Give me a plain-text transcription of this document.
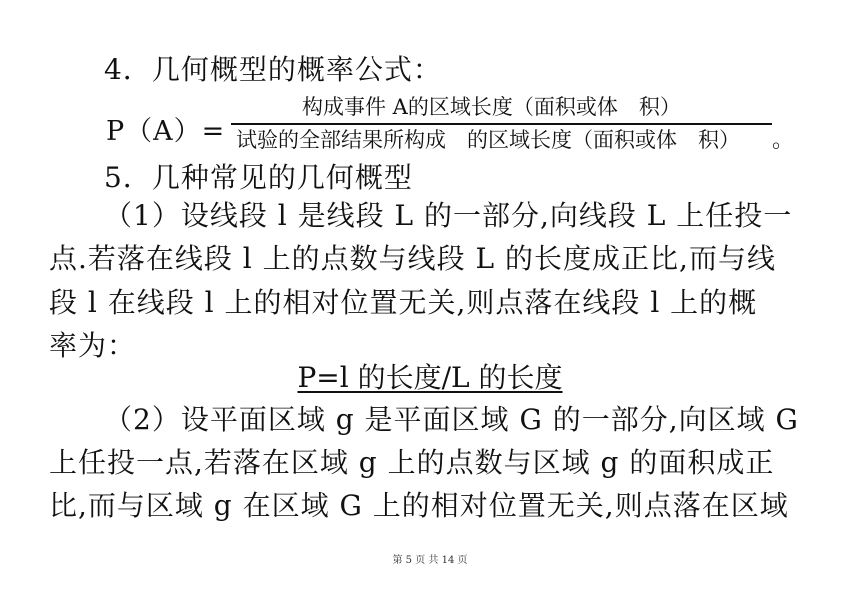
4．几何概型的概率公式：
P（A）=
构成事件 A的区域长度（面积或体　积）
试验的全部结果所构成　的区域长度（面积或体　积） 。
5．几种常见的几何概型
（1）设线段 l 是线段 L 的一部分,向线段 L 上任投一
点.若落在线段 l 上的点数与线段 L 的长度成正比,而与线
段 l 在线段 l 上的相对位置无关,则点落在线段 l 上的概
率为：
P=l 的长度/L 的长度
（2）设平面区域 g 是平面区域 G 的一部分,向区域 G
上任投一点,若落在区域 g 上的点数与区域 g 的面积成正
比,而与区域 g 在区域 G 上的相对位置无关,则点落在区域
第 5 页 共 14 页
